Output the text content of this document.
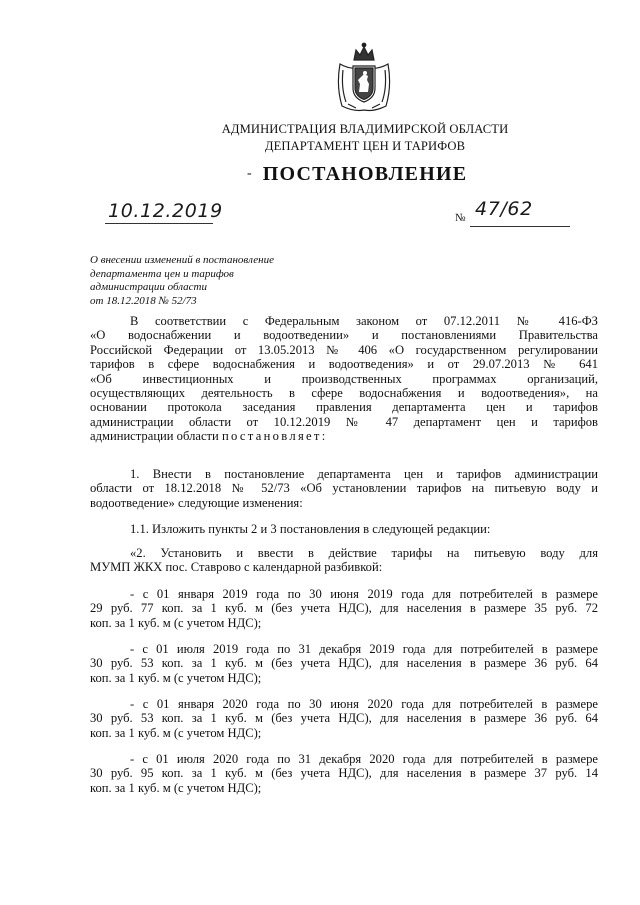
АДМИНИСТРАЦИЯ ВЛАДИМИРСКОЙ ОБЛАСТИ
ДЕПАРТАМЕНТ ЦЕН И ТАРИФОВ
- ПОСТАНОВЛЕНИЕ
10.12.2019	№ 47/62
О внесении изменений в постановление
департамента цен и тарифов
администрации области
от 18.12.2018 № 52/73
В соответствии с Федеральным законом от 07.12.2011 № 416-ФЗ
«О водоснабжении и водоотведении» и постановлениями Правительства
Российской Федерации от 13.05.2013 № 406 «О государственном регулировании
тарифов в сфере водоснабжения и водоотведения» и от 29.07.2013 № 641
«Об инвестиционных и производственных программах организаций,
осуществляющих деятельность в сфере водоснабжения и водоотведения», на
основании протокола заседания правления департамента цен и тарифов
администрации области от 10.12.2019 № 47 департамент цен и тарифов
администрации области постановляет:
1. Внести в постановление департамента цен и тарифов администрации
области от 18.12.2018 № 52/73 «Об установлении тарифов на питьевую воду и
водоотведение» следующие изменения:
1.1. Изложить пункты 2 и 3 постановления в следующей редакции:
«2. Установить и ввести в действие тарифы на питьевую воду для
МУМП ЖКХ пос. Ставрово с календарной разбивкой:
- с 01 января 2019 года по 30 июня 2019 года для потребителей в размере
29 руб. 77 коп. за 1 куб. м (без учета НДС), для населения в размере 35 руб. 72
коп. за 1 куб. м (с учетом НДС);
- с 01 июля 2019 года по 31 декабря 2019 года для потребителей в размере
30 руб. 53 коп. за 1 куб. м (без учета НДС), для населения в размере 36 руб. 64
коп. за 1 куб. м (с учетом НДС);
- с 01 января 2020 года по 30 июня 2020 года для потребителей в размере
30 руб. 53 коп. за 1 куб. м (без учета НДС), для населения в размере 36 руб. 64
коп. за 1 куб. м (с учетом НДС);
- с 01 июля 2020 года по 31 декабря 2020 года для потребителей в размере
30 руб. 95 коп. за 1 куб. м (без учета НДС), для населения в размере 37 руб. 14
коп. за 1 куб. м (с учетом НДС);
